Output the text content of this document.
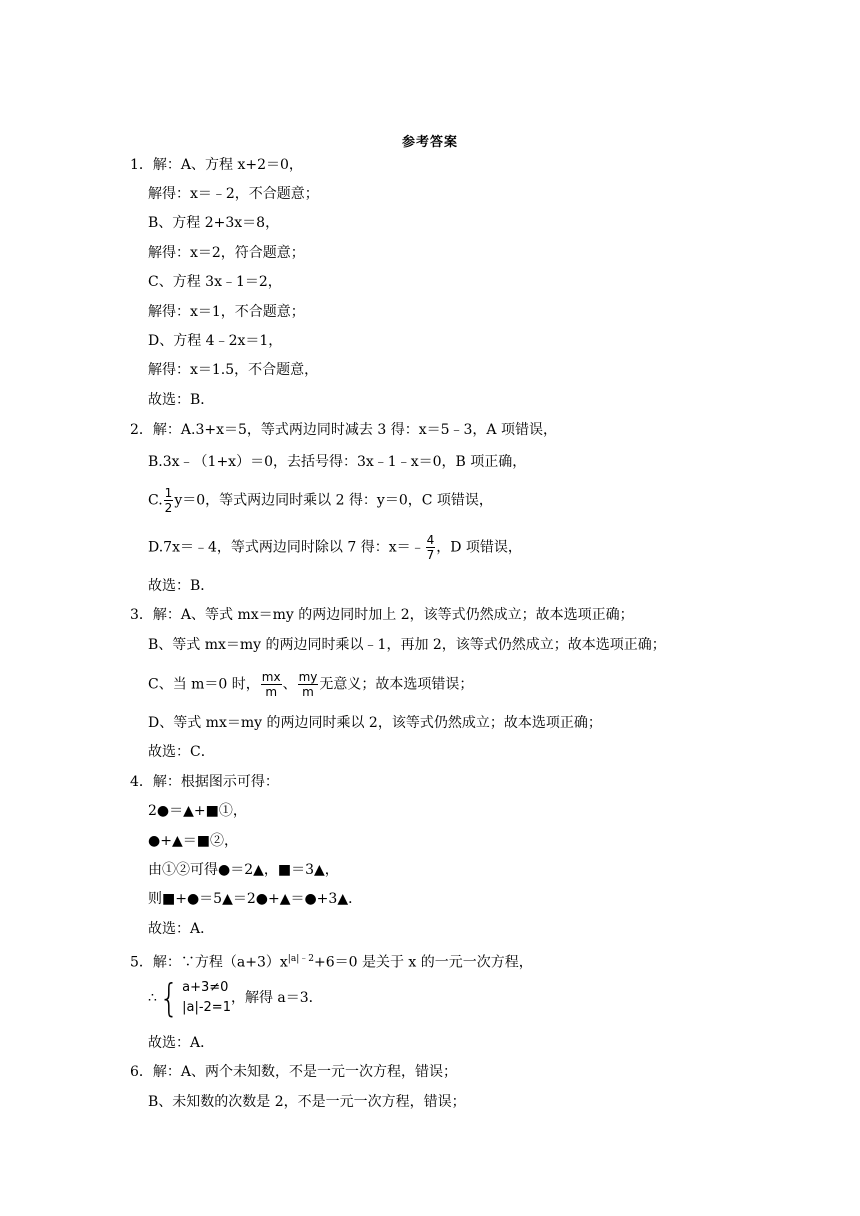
参考答案
1．解：A、方程 x+2＝0，
解得：x＝﹣2，不合题意；
B、方程 2+3x＝8，
解得：x＝2，符合题意；
C、方程 3x﹣1＝2，
解得：x＝1，不合题意；
D、方程 4﹣2x＝1，
解得：x＝1.5，不合题意，
故选：B．
2．解：A.3+x＝5，等式两边同时减去 3 得：x＝5﹣3，A 项错误，
B.3x﹣（1+x）＝0，去括号得：3x﹣1﹣x＝0，B 项正确，
C. $\frac{1}{2} y=0$，等式两边同时乘以 2 得：y＝0，C 项错误，
D.7x＝﹣4，等式两边同时除以 7 得：x＝﹣ $\frac{4}{7}$ ，D 项错误，
故选：B．
3．解：A、等式 mx＝my 的两边同时加上 2，该等式仍然成立；故本选项正确；
B、等式 mx＝my 的两边同时乘以﹣1，再加 2，该等式仍然成立；故本选项正确；
C、当 m＝0 时， $\frac{mx}{m}$ 、 $\frac{my}{m}$ 无意义；故本选项错误；
D、等式 mx＝my 的两边同时乘以 2，该等式仍然成立；故本选项正确；
故选：C．
4．解：根据图示可得：
2●＝▲+■①，
●+▲＝■②，
由①②可得●＝2▲，■＝3▲，
则■+●＝5▲＝2●+▲＝●+3▲．
故选：A．
5．解：∵方程$(a+3)x^{|a|﹣2}+6=0$ 是关于 x 的一元一次方程，
∴ { a+3≠0
|a|-2=1
，解得 a＝3．
故选：A．
6．解：A、两个未知数，不是一元一次方程，错误；
B、未知数的次数是 2，不是一元一次方程，错误；
